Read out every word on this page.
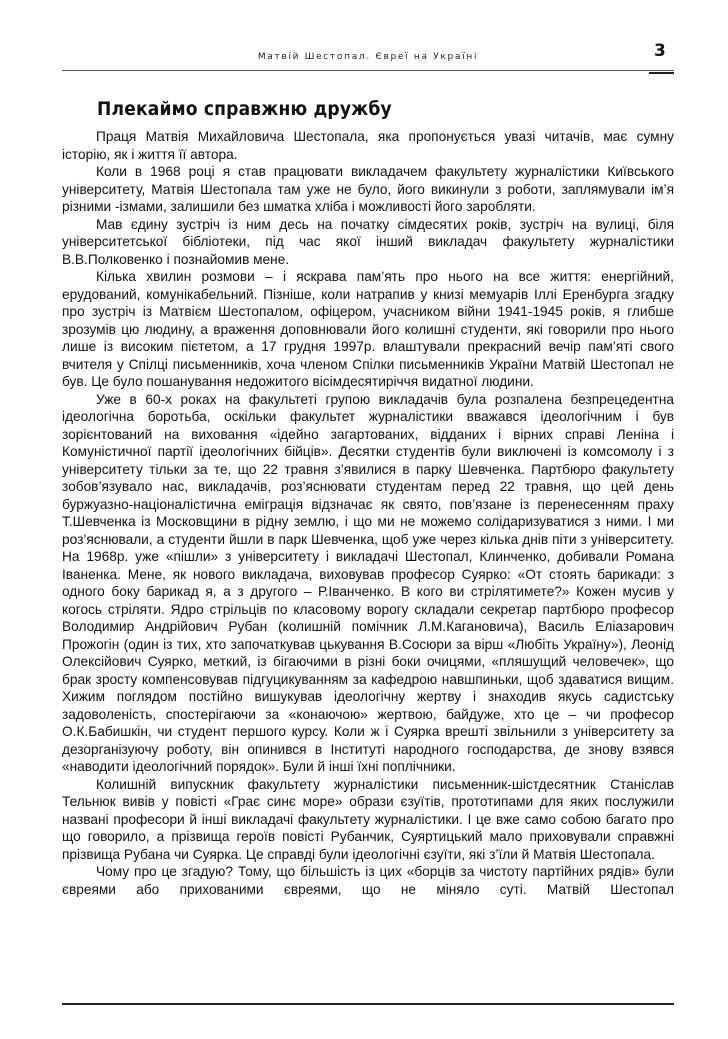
Матвій Шестопал. Євреї на Україні	3
Плекаймо справжню дружбу

Праця Матвія Михайловича Шестопала, яка пропонується увазі читачів, має сумну історію, як і життя її автора.

Коли в 1968 році я став працювати викладачем факультету журналістики Київського університету, Матвія Шестопала там уже не було, його викинули з роботи, заплямували ім’я різними -ізмами, залишили без шматка хліба і можливості його заробляти.

Мав єдину зустріч із ним десь на початку сімдесятих років, зустріч на вулиці, біля університетської бібліотеки, під час якої інший викладач факультету журналістики В.В.Полковенко і познайомив мене.

Кілька хвилин розмови – і яскрава пам’ять про нього на все життя: енергійний, ерудований, комунікабельний. Пізніше, коли натрапив у книзі мемуарів Іллі Еренбурга згадку про зустріч із Матвієм Шестопалом, офіцером, учасником війни 1941-1945 років, я глибше зрозумів цю людину, а враження доповнювали його колишні студенти, які говорили про нього лише із високим пієтетом, а 17 грудня 1997р. влаштували прекрасний вечір пам’яті свого вчителя у Спілці письменників, хоча членом Спілки письменників України Матвій Шестопал не був. Це було пошанування недожитого вісімдесятиріччя видатної людини.

Уже в 60-х роках на факультеті групою викладачів була розпалена безпрецедентна ідеологічна боротьба, оскільки факультет журналістики вважався ідеологічним і був зорієнтований на виховання «ідейно загартованих, відданих і вірних справі Леніна і Комуністичної партії ідеологічних бійців». Десятки студентів були виключені із комсомолу і з університету тільки за те, що 22 травня з’явилися в парку Шевченка. Партбюро факультету зобов’язувало нас, викладачів, роз’яснювати студентам перед 22 травня, що цей день буржуазно-націоналістична еміграція відзначає як свято, пов’язане із перенесенням праху Т.Шевченка із Московщини в рідну землю, і що ми не можемо солідаризуватися з ними. І ми роз’яснювали, а студенти йшли в парк Шевченка, щоб уже через кілька днів піти з університету. На 1968р. уже «пішли» з університету і викладачі Шестопал, Клинченко, добивали Романа Іваненка. Мене, як нового викладача, виховував професор Суярко: «От стоять барикади: з одного боку барикад я, а з другого – Р.Іванченко. В кого ви стрілятимете?» Кожен мусив у когось стріляти. Ядро стрільців по класовому ворогу складали секретар партбюро професор Володимир Андрійович Рубан (колишній помічник Л.М.Кагановича), Василь Еліазарович Прожогін (один із тих, хто започаткував цькування В.Сосюри за вірш «Любіть Україну»), Леонід Олексійович Суярко, меткий, із бігаючими в різні боки очицями, «пляшущий человечек», що брак зросту компенсовував підгуцикуванням за кафедрою навшпиньки, щоб здаватися вищим. Хижим поглядом постійно вишукував ідеологічну жертву і знаходив якусь садистську задоволеність, спостерігаючи за «конаючою» жертвою, байдуже, хто це – чи професор О.К.Бабишкін, чи студент першого курсу. Коли ж і Суярка врешті звільнили з університету за дезорганізуючу роботу, він опинився в Інституті народного господарства, де знову взявся «наводити ідеологічний порядок». Були й інші їхні поплічники.

Колишній випускник факультету журналістики письменник-шістдесятник Станіслав Тельнюк вивів у повісті «Грає синє море» образи єзуїтів, прототипами для яких послужили названі професори й інші викладачі факультету журналістики. І це вже само собою багато про що говорило, а прізвища героїв повісті Рубанчик, Суяртицький мало приховували справжні прізвища Рубана чи Суярка. Це справді були ідеологічні єзуїти, які з’їли й Матвія Шестопала.

Чому про це згадую? Тому, що більшість із цих «борців за чистоту партійних рядів» були євреями або прихованими євреями, що не міняло суті. Матвій Шестопал
